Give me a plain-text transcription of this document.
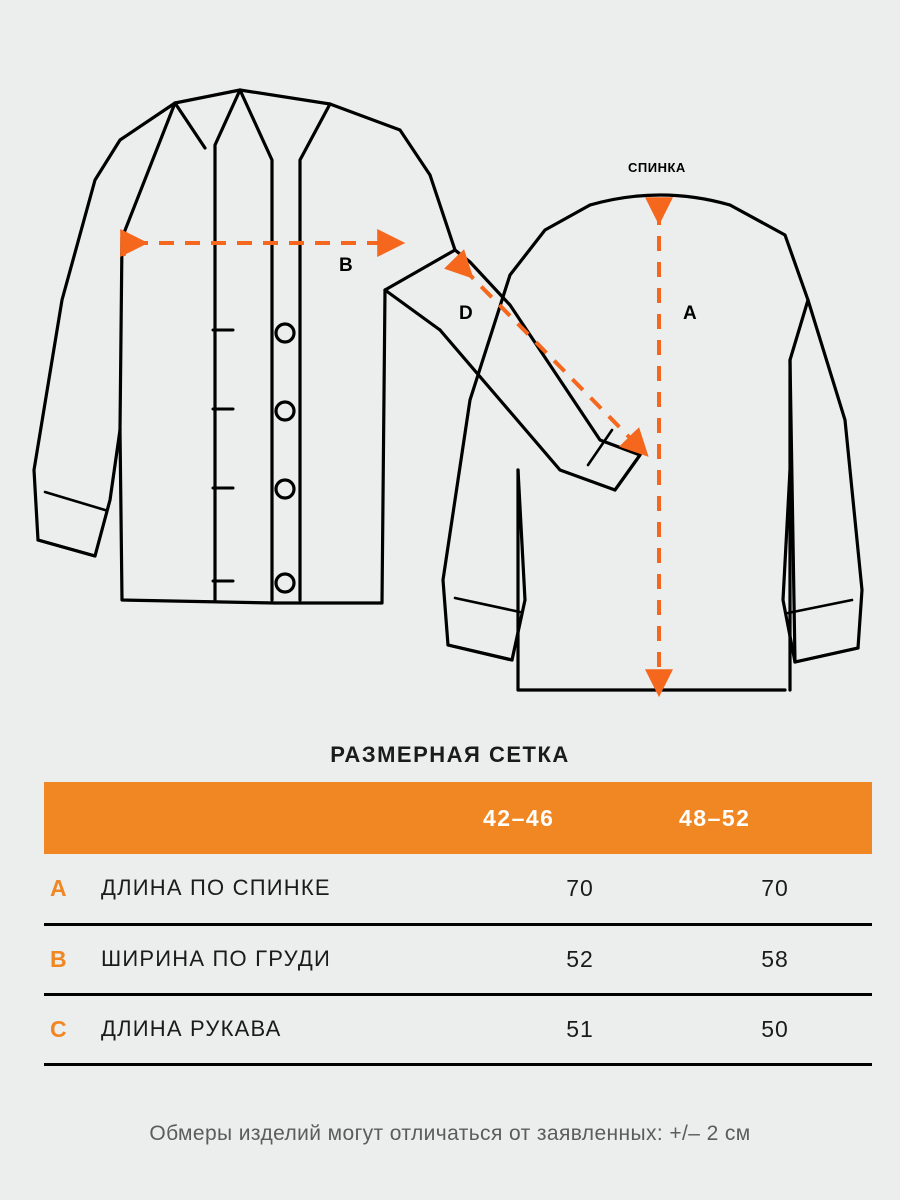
СПИНКА
B
D	A
РАЗМЕРНАЯ СЕТКА
		42–46	48–52
A	ДЛИНА ПО СПИНКЕ	70	70
B	ШИРИНА ПО ГРУДИ	52	58
C	ДЛИНА РУКАВА	51	50
Обмеры изделий могут отличаться от заявленных: +/– 2 см
